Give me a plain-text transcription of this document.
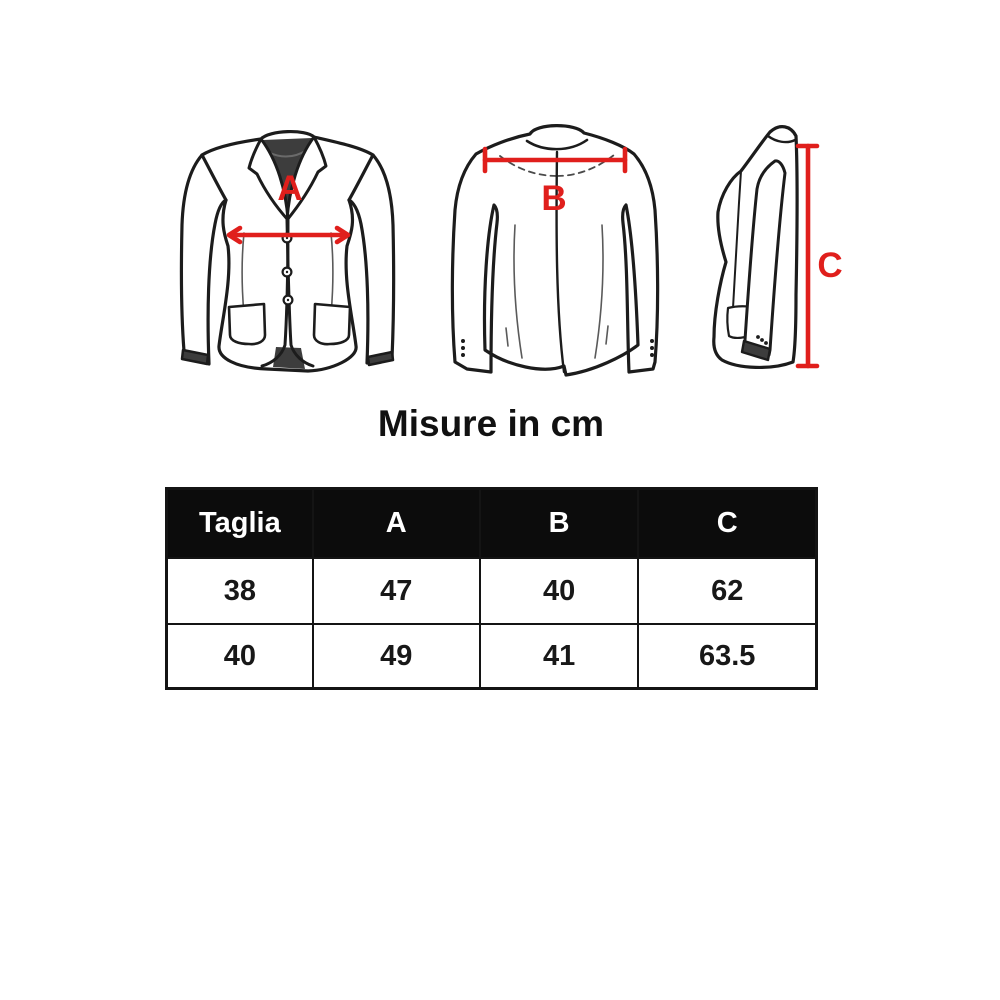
A	B
C
Misure in cm
Taglia	A	B	C
38	47	40	62
40	49	41	63.5
